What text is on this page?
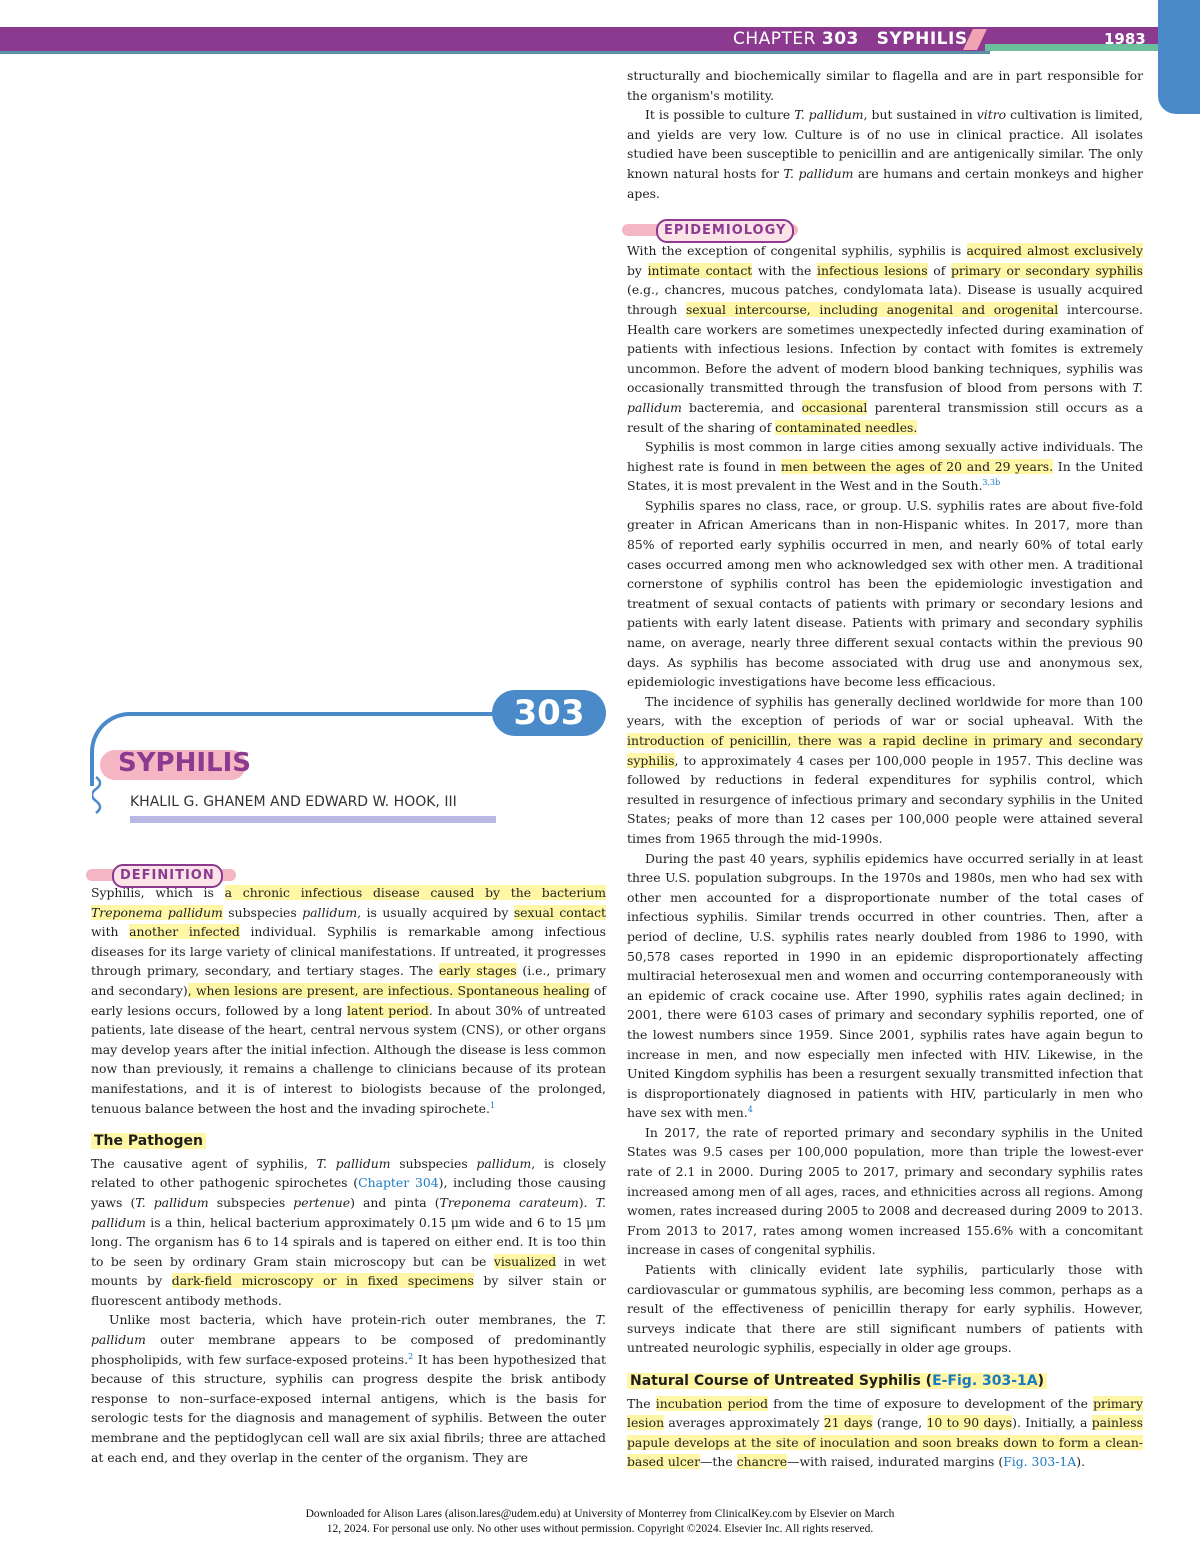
CHAPTER 303 SYPHILIS	1983
303
SYPHILIS
KHALIL G. GHANEM AND EDWARD W. HOOK, III
DEFINITION

Syphilis, which is a chronic infectious disease caused by the bacterium Treponema pallidum subspecies pallidum, is usually acquired by sexual contact with another infected individual. Syphilis is remarkable among infectious diseases for its large variety of clinical manifestations. If untreated, it progresses through primary, secondary, and tertiary stages. The early stages (i.e., primary and secondary), when lesions are present, are infectious. Spontaneous healing of early lesions occurs, followed by a long latent period. In about 30% of untreated patients, late disease of the heart, central nervous system (CNS), or other organs may develop years after the initial infection. Although the disease is less common now than previously, it remains a challenge to clinicians because of its protean manifestations, and it is of interest to biologists because of the prolonged, tenuous balance between the host and the invading spirochete.$^1$

The Pathogen

The causative agent of syphilis, T. pallidum subspecies pallidum, is closely related to other pathogenic spirochetes (Chapter 304), including those causing yaws (T. pallidum subspecies pertenue) and pinta (Treponema carateum). T. pallidum is a thin, helical bacterium approximately 0.15 μm wide and 6 to 15 μm long. The organism has 6 to 14 spirals and is tapered on either end. It is too thin to be seen by ordinary Gram stain microscopy but can be visualized in wet mounts by dark-field microscopy or in fixed specimens by silver stain or fluorescent antibody methods.

Unlike most bacteria, which have protein-rich outer membranes, the T. pallidum outer membrane appears to be composed of predominantly phospholipids, with few surface-exposed proteins.$^2$ It has been hypothesized that because of this structure, syphilis can progress despite the brisk antibody response to non–surface-exposed internal antigens, which is the basis for serologic tests for the diagnosis and management of syphilis. Between the outer membrane and the peptidoglycan cell wall are six axial fibrils; three are attached at each end, and they overlap in the center of the organism. They are

EPIDEMIOLOGY

structurally and biochemically similar to flagella and are in part responsible for the organism's motility.

It is possible to culture T. pallidum, but sustained in vitro cultivation is limited, and yields are very low. Culture is of no use in clinical practice. All isolates studied have been susceptible to penicillin and are antigenically similar. The only known natural hosts for T. pallidum are humans and certain monkeys and higher apes.

With the exception of congenital syphilis, syphilis is acquired almost exclusively by intimate contact with the infectious lesions of primary or secondary syphilis (e.g., chancres, mucous patches, condylomata lata). Disease is usually acquired through sexual intercourse, including anogenital and orogenital intercourse. Health care workers are sometimes unexpectedly infected during examination of patients with infectious lesions. Infection by contact with fomites is extremely uncommon. Before the advent of modern blood banking techniques, syphilis was occasionally transmitted through the transfusion of blood from persons with T. pallidum bacteremia, and occasional parenteral transmission still occurs as a result of the sharing of contaminated needles.

Syphilis is most common in large cities among sexually active individuals. The highest rate is found in men between the ages of 20 and 29 years. In the United States, it is most prevalent in the West and in the South.$^{3,3b}$

Syphilis spares no class, race, or group. U.S. syphilis rates are about five-fold greater in African Americans than in non-Hispanic whites. In 2017, more than 85% of reported early syphilis occurred in men, and nearly 60% of total early cases occurred among men who acknowledged sex with other men. A traditional cornerstone of syphilis control has been the epidemiologic investigation and treatment of sexual contacts of patients with primary or secondary lesions and patients with early latent disease. Patients with primary and secondary syphilis name, on average, nearly three different sexual contacts within the previous 90 days. As syphilis has become associated with drug use and anonymous sex, epidemiologic investigations have become less efficacious.

The incidence of syphilis has generally declined worldwide for more than 100 years, with the exception of periods of war or social upheaval. With the introduction of penicillin, there was a rapid decline in primary and secondary syphilis, to approximately 4 cases per 100,000 people in 1957. This decline was followed by reductions in federal expenditures for syphilis control, which resulted in resurgence of infectious primary and secondary syphilis in the United States; peaks of more than 12 cases per 100,000 people were attained several times from 1965 through the mid-1990s.

During the past 40 years, syphilis epidemics have occurred serially in at least three U.S. population subgroups. In the 1970s and 1980s, men who had sex with other men accounted for a disproportionate number of the total cases of infectious syphilis. Similar trends occurred in other countries. Then, after a period of decline, U.S. syphilis rates nearly doubled from 1986 to 1990, with 50,578 cases reported in 1990 in an epidemic disproportionately affecting multiracial heterosexual men and women and occurring contemporaneously with an epidemic of crack cocaine use. After 1990, syphilis rates again declined; in 2001, there were 6103 cases of primary and secondary syphilis reported, one of the lowest numbers since 1959. Since 2001, syphilis rates have again begun to increase in men, and now especially men infected with HIV. Likewise, in the United Kingdom syphilis has been a resurgent sexually transmitted infection that is disproportionately diagnosed in patients with HIV, particularly in men who have sex with men.$^4$

In 2017, the rate of reported primary and secondary syphilis in the United States was 9.5 cases per 100,000 population, more than triple the lowest-ever rate of 2.1 in 2000. During 2005 to 2017, primary and secondary syphilis rates increased among men of all ages, races, and ethnicities across all regions. Among women, rates increased during 2005 to 2008 and decreased during 2009 to 2013. From 2013 to 2017, rates among women increased 155.6% with a concomitant increase in cases of congenital syphilis.

Patients with clinically evident late syphilis, particularly those with cardiovascular or gummatous syphilis, are becoming less common, perhaps as a result of the effectiveness of penicillin therapy for early syphilis. However, surveys indicate that there are still significant numbers of patients with untreated neurologic syphilis, especially in older age groups.

Natural Course of Untreated Syphilis (E-Fig. 303-1A)

The incubation period from the time of exposure to development of the primary lesion averages approximately 21 days (range, 10 to 90 days). Initially, a painless papule develops at the site of inoculation and soon breaks down to form a clean-based ulcer—the chancre—with raised, indurated margins (Fig. 303-1A).

Downloaded for Alison Lares (alison.lares@udem.edu) at University of Monterrey from ClinicalKey.com by Elsevier on March
12, 2024. For personal use only. No other uses without permission. Copyright ©2024. Elsevier Inc. All rights reserved.
